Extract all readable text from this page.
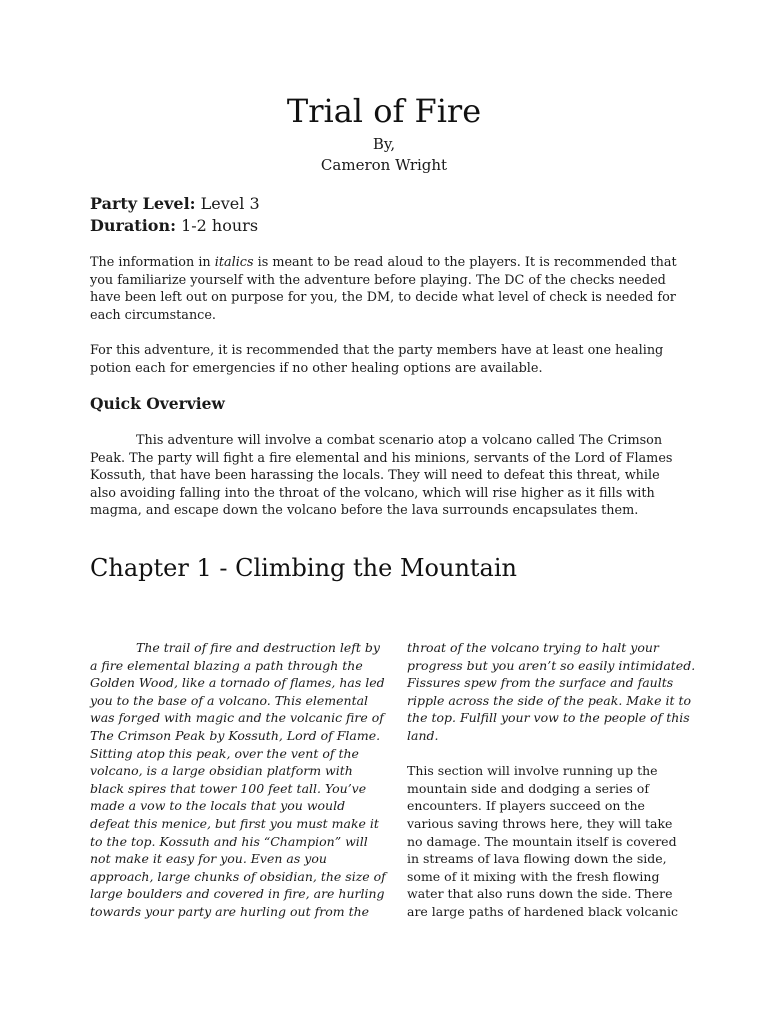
Trial of Fire
By,
Cameron Wright
Party Level: Level 3
Duration: 1-2 hours
The information in italics is meant to be read aloud to the players. It is recommended that you familiarize yourself with the adventure before playing. The DC of the checks needed have been left out on purpose for you, the DM, to decide what level of check is needed for each circumstance.
For this adventure, it is recommended that the party members have at least one healing potion each for emergencies if no other healing options are available.
Quick Overview
This adventure will involve a combat scenario atop a volcano called The Crimson Peak. The party will fight a fire elemental and his minions, servants of the Lord of Flames Kossuth, that have been harassing the locals. They will need to defeat this threat, while also avoiding falling into the throat of the volcano, which will rise higher as it fills with magma, and escape down the volcano before the lava surrounds encapsulates them.
Chapter 1 - Climbing the Mountain
The trail of fire and destruction left by
a fire elemental blazing a path through the
Golden Wood, like a tornado of flames, has led
you to the base of a volcano. This elemental
was forged with magic and the volcanic fire of
The Crimson Peak by Kossuth, Lord of Flame.
Sitting atop this peak, over the vent of the
volcano, is a large obsidian platform with
black spires that tower 100 feet tall. You’ve
made a vow to the locals that you would
defeat this menice, but first you must make it
to the top. Kossuth and his “Champion” will
not make it easy for you. Even as you
approach, large chunks of obsidian, the size of
large boulders and covered in fire, are hurling
towards your party are hurling out from the
throat of the volcano trying to halt your
progress but you aren’t so easily intimidated.
Fissures spew from the surface and faults
ripple across the side of the peak. Make it to
the top. Fulfill your vow to the people of this
land.
This section will involve running up the
mountain side and dodging a series of
encounters. If players succeed on the
various saving throws here, they will take
no damage. The mountain itself is covered
in streams of lava flowing down the side,
some of it mixing with the fresh flowing
water that also runs down the side. There
are large paths of hardened black volcanic
